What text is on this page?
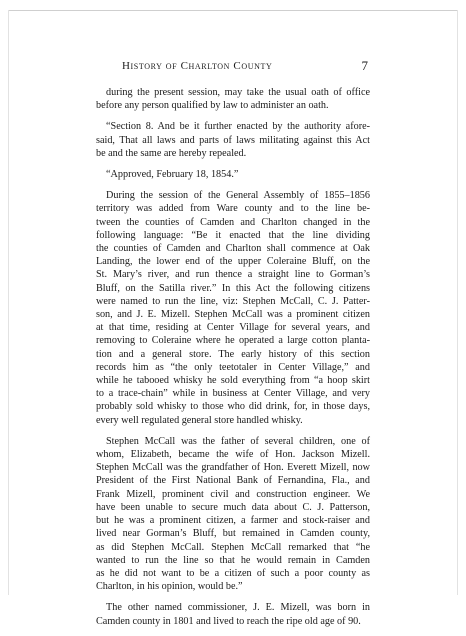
History of Charlton County	7

during the present session, may take the usual oath of office
before any person qualified by law to administer an oath.

“Section 8. And be it further enacted by the authority afore-
said, That all laws and parts of laws militating against this Act
be and the same are hereby repealed.

“Approved, February 18, 1854.”

During the session of the General Assembly of 1855–1856
territory was added from Ware county and to the line be-
tween the counties of Camden and Charlton changed in the
following language: “Be it enacted that the line dividing
the counties of Camden and Charlton shall commence at Oak
Landing, the lower end of the upper Coleraine Bluff, on the
St. Mary’s river, and run thence a straight line to Gorman’s
Bluff, on the Satilla river.” In this Act the following citizens
were named to run the line, viz: Stephen McCall, C. J. Patter-
son, and J. E. Mizell. Stephen McCall was a prominent citizen
at that time, residing at Center Village for several years, and
removing to Coleraine where he operated a large cotton planta-
tion and a general store. The early history of this section
records him as “the only teetotaler in Center Village,” and
while he tabooed whisky he sold everything from “a hoop skirt
to a trace-chain” while in business at Center Village, and very
probably sold whisky to those who did drink, for, in those days,
every well regulated general store handled whisky.

Stephen McCall was the father of several children, one of
whom, Elizabeth, became the wife of Hon. Jackson Mizell.
Stephen McCall was the grandfather of Hon. Everett Mizell, now
President of the First National Bank of Fernandina, Fla., and
Frank Mizell, prominent civil and construction engineer. We
have been unable to secure much data about C. J. Patterson,
but he was a prominent citizen, a farmer and stock-raiser and
lived near Gorman’s Bluff, but remained in Camden county,
as did Stephen McCall. Stephen McCall remarked that “he
wanted to run the line so that he would remain in Camden
as he did not want to be a citizen of such a poor county as
Charlton, in his opinion, would be.”

The other named commissioner, J. E. Mizell, was born in
Camden county in 1801 and lived to reach the ripe old age of 90.
